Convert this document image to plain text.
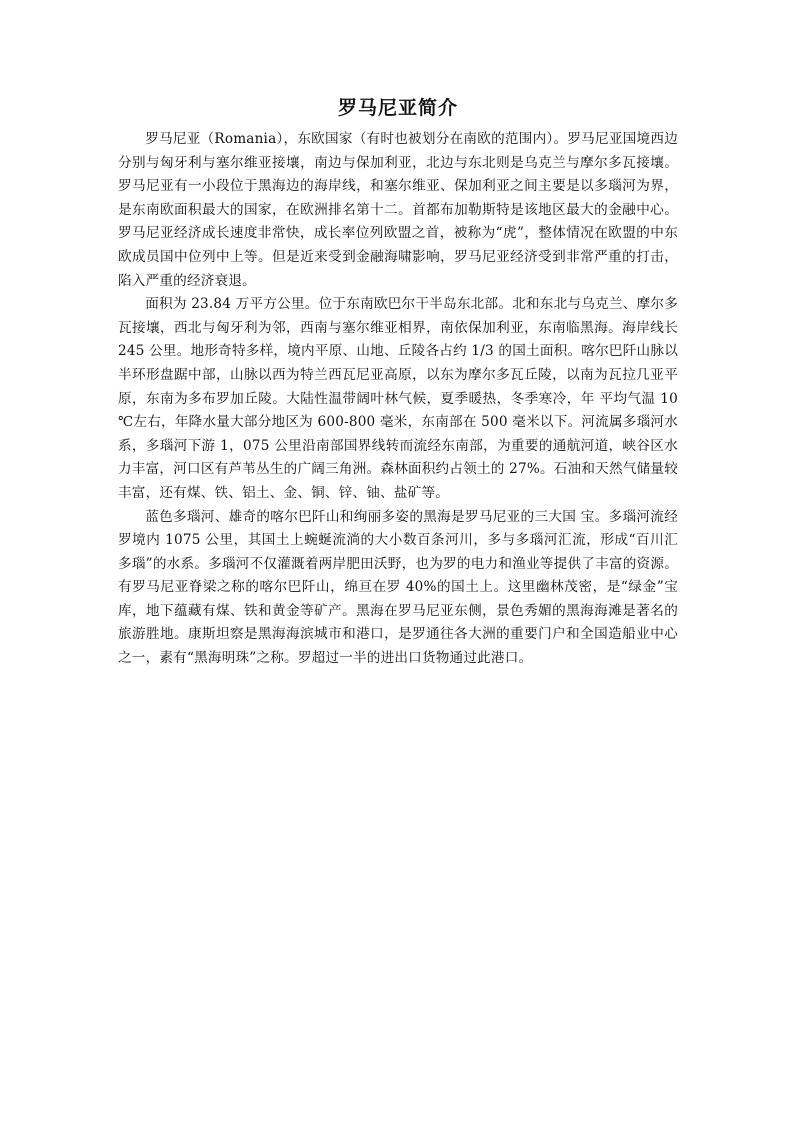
罗马尼亚简介

罗马尼亚（Romania），东欧国家（有时也被划分在南欧的范围内）。罗马尼亚国境西边分别与匈牙利与塞尔维亚接壤，南边与保加利亚，北边与东北则是乌克兰与摩尔多瓦接壤。罗马尼亚有一小段位于黑海边的海岸线，和塞尔维亚、保加利亚之间主要是以多瑙河为界，是东南欧面积最大的国家，在欧洲排名第十二。首都布加勒斯特是该地区最大的金融中心。罗马尼亚经济成长速度非常快，成长率位列欧盟之首，被称为“虎”，整体情况在欧盟的中东欧成员国中位列中上等。但是近来受到金融海啸影响，罗马尼亚经济受到非常严重的打击，陷入严重的经济衰退。

面积为 23.84 万平方公里。位于东南欧巴尔干半岛东北部。北和东北与乌克兰、摩尔多瓦接壤，西北与匈牙利为邻，西南与塞尔维亚相界，南依保加利亚，东南临黑海。海岸线长 245 公里。地形奇特多样，境内平原、山地、丘陵各占约 1/3 的国土面积。喀尔巴阡山脉以半环形盘踞中部，山脉以西为特兰西瓦尼亚高原，以东为摩尔多瓦丘陵，以南为瓦拉几亚平原，东南为多布罗加丘陵。大陆性温带阔叶林气候，夏季暖热，冬季寒冷，年 平均气温 10 ℃左右，年降水量大部分地区为 600-800 毫米，东南部在 500 毫米以下。河流属多瑙河水系，多瑙河下游 1，075 公里沿南部国界线转而流经东南部，为重要的通航河道，峡谷区水力丰富，河口区有芦苇丛生的广阔三角洲。森林面积约占领土的 27%。石油和天然气储量较丰富，还有煤、铁、铝土、金、铜、锌、铀、盐矿等。

蓝色多瑙河、雄奇的喀尔巴阡山和绚丽多姿的黑海是罗马尼亚的三大国 宝。多瑙河流经罗境内 1075 公里，其国土上蜿蜒流淌的大小数百条河川，多与多瑙河汇流，形成“百川汇多瑙”的水系。多瑙河不仅灌溉着两岸肥田沃野，也为罗的电力和渔业等提供了丰富的资源。有罗马尼亚脊梁之称的喀尔巴阡山，绵亘在罗 40%的国土上。这里幽林茂密，是“绿金”宝库，地下蕴藏有煤、铁和黄金等矿产。黑海在罗马尼亚东侧，景色秀媚的黑海海滩是著名的旅游胜地。康斯坦察是黑海海滨城市和港口，是罗通往各大洲的重要门户和全国造船业中心之一，素有“黑海明珠”之称。罗超过一半的进出口货物通过此港口。
